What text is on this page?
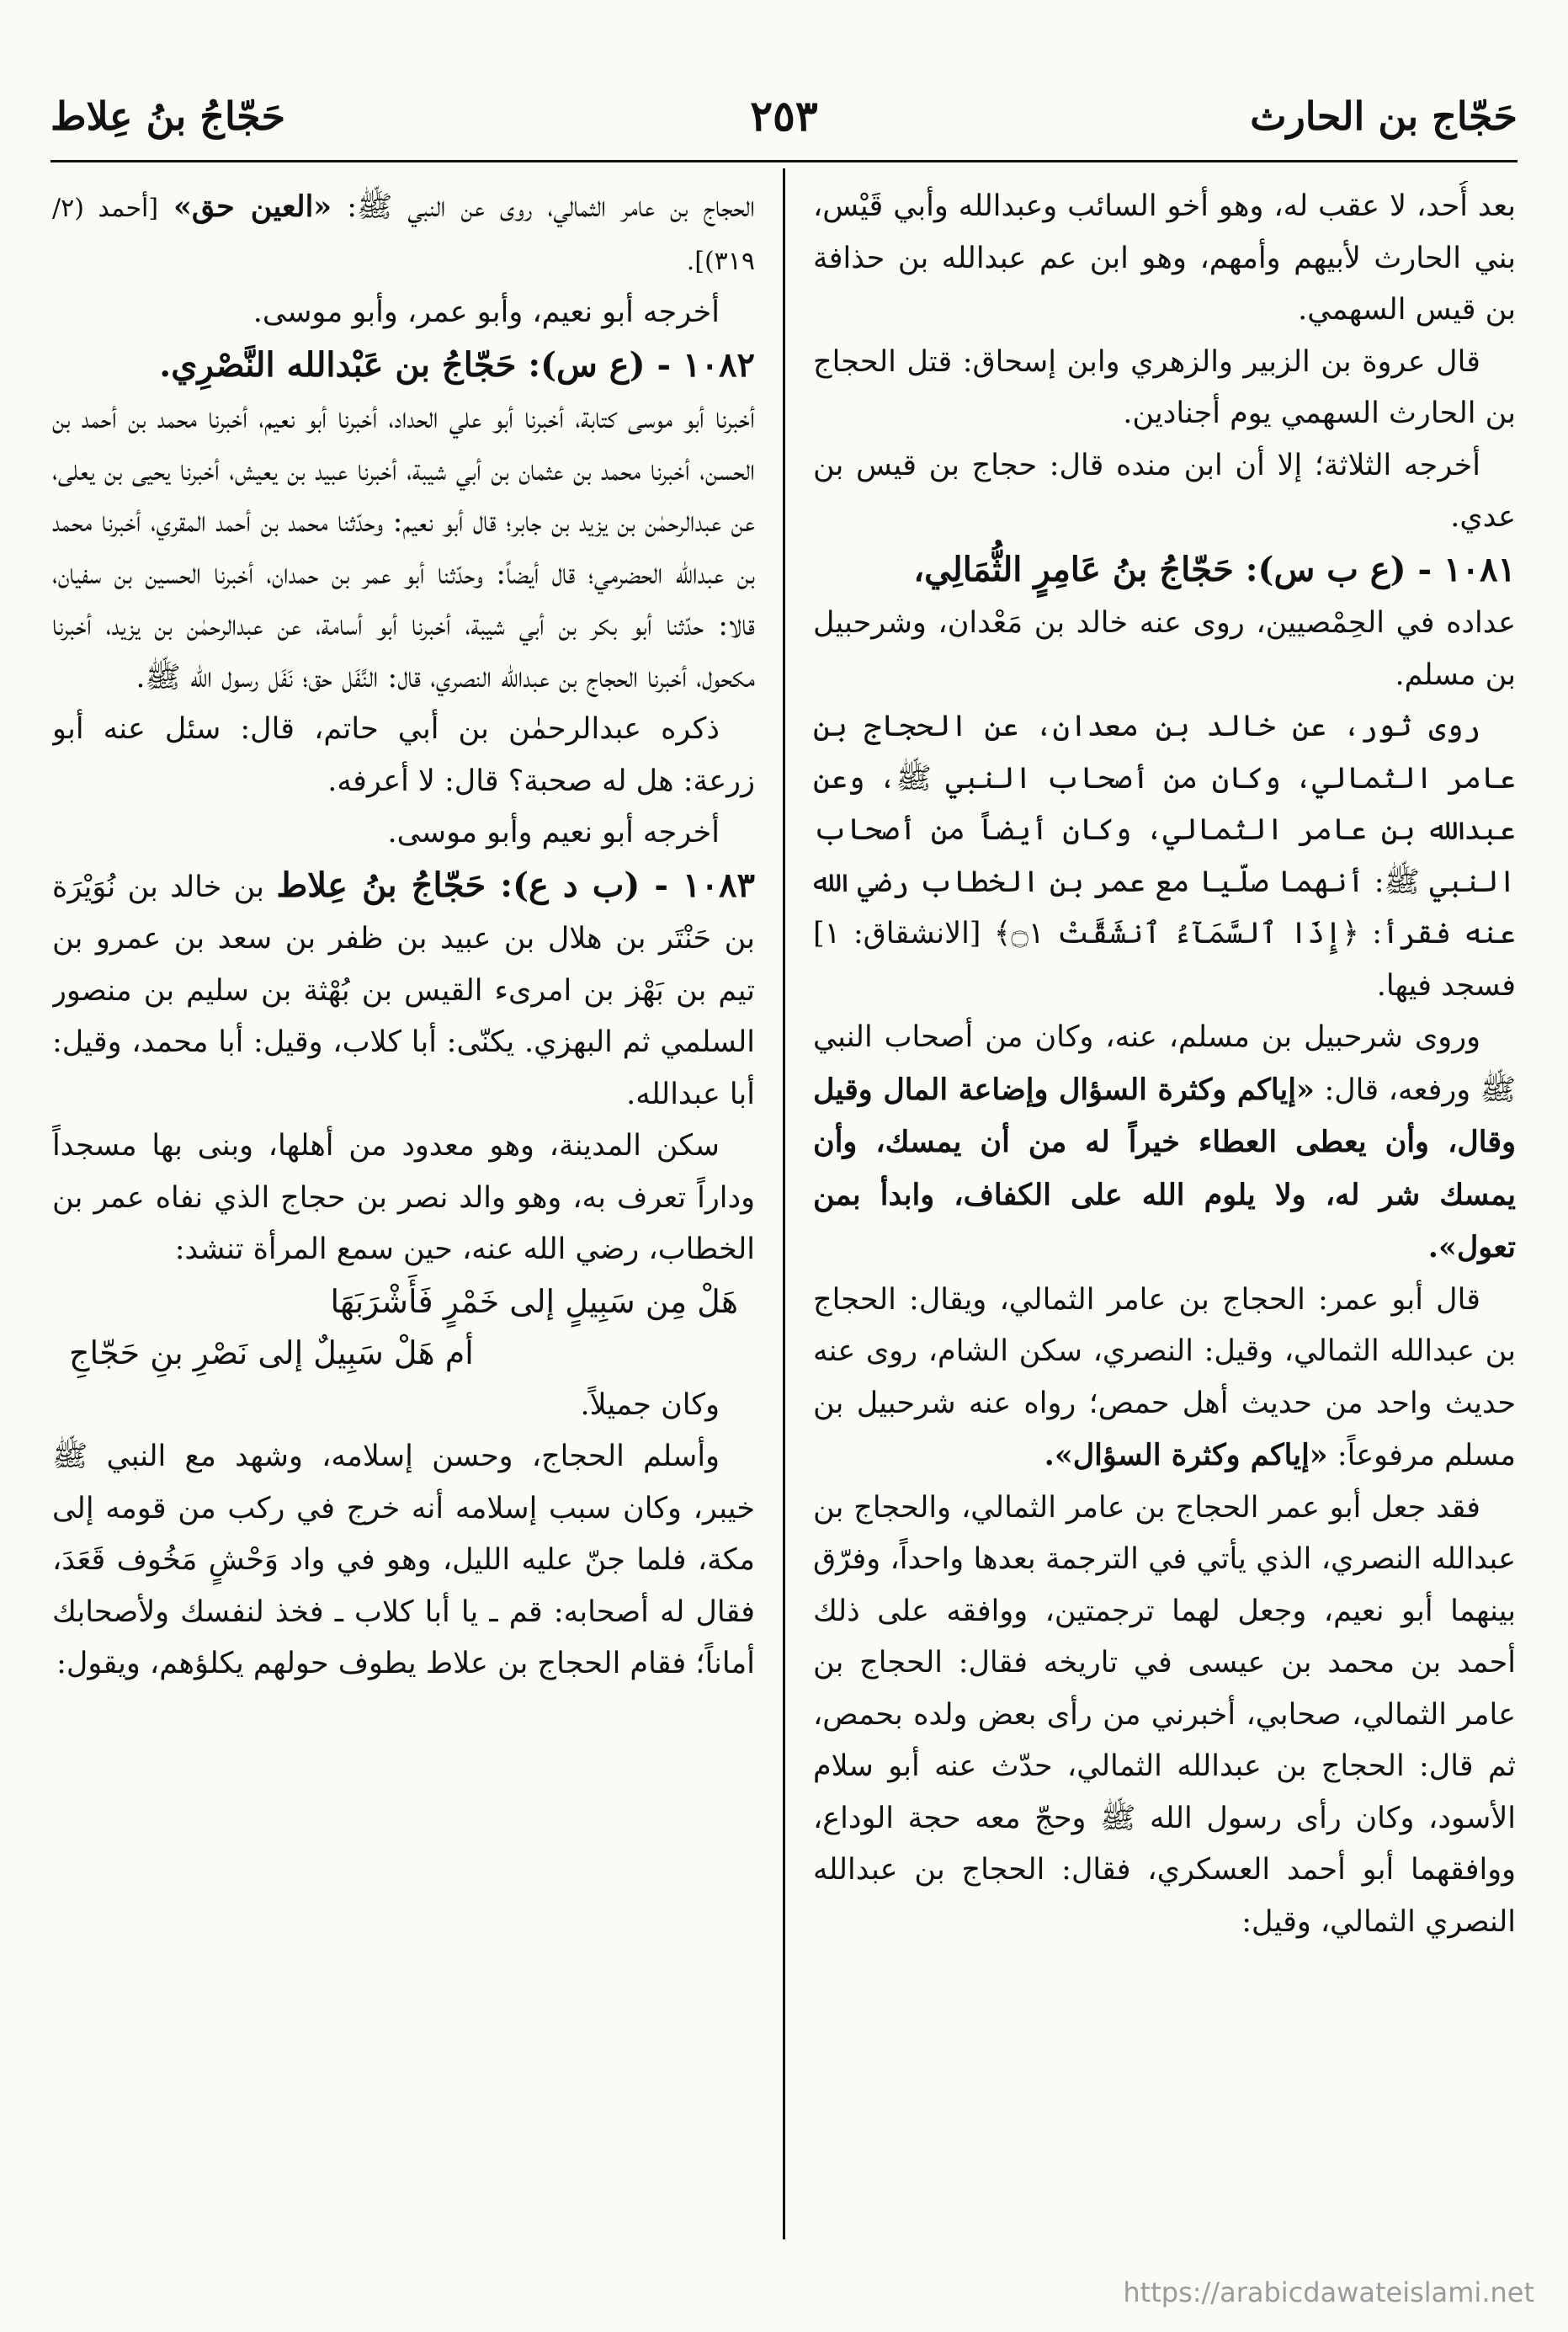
حَجّاج بن الحارث
٢٥٣
حَجّاجُ بنُ عِلاط

بعد أُحد، لا عقب له، وهو أخو السائب وعبدالله وأبي قَيْس، بني الحارث لأبيهم وأمهم، وهو ابن عم عبدالله بن حذافة بن قيس السهمي.

قال عروة بن الزبير والزهري وابن إسحاق: قتل الحجاج بن الحارث السهمي يوم أجنادين.

أخرجه الثلاثة؛ إلا أن ابن منده قال: حجاج بن قيس بن عدي.

١٠٨١ - (ع ب س): حَجّاجُ بنُ عَامِرٍ الثُّمَالِي،

عداده في الحِمْصيين، روى عنه خالد بن مَعْدان، وشرحبيل بن مسلم.

روى ثور، عن خالد بن معدان، عن الحجاج بن عامر الثمالي، وكان من أصحاب النبي ﷺ، وعن عبدالله بن عامر الثمالي، وكان أيضاً من أصحاب النبي ﷺ: أنهما صلّيا مع عمر بن الخطاب رضي الله عنه فقرأ: ﴿إِذَا ٱلسَّمَآءُ ٱنشَقَّتْ ۝١﴾ [الانشقاق: ١] فسجد فيها.

وروى شرحبيل بن مسلم، عنه، وكان من أصحاب النبي ﷺ ورفعه، قال: «إياكم وكثرة السؤال وإضاعة المال وقيل وقال، وأن يعطى العطاء خيراً له من أن يمسك، وأن يمسك شر له، ولا يلوم الله على الكفاف، وابدأ بمن تعول».

قال أبو عمر: الحجاج بن عامر الثمالي، ويقال: الحجاج بن عبدالله الثمالي، وقيل: النصري، سكن الشام، روى عنه حديث واحد من حديث أهل حمص؛ رواه عنه شرحبيل بن مسلم مرفوعاً: «إياكم وكثرة السؤال».

فقد جعل أبو عمر الحجاج بن عامر الثمالي، والحجاج بن عبدالله النصري، الذي يأتي في الترجمة بعدها واحداً، وفرّق بينهما أبو نعيم، وجعل لهما ترجمتين، ووافقه على ذلك أحمد بن محمد بن عيسى في تاريخه فقال: الحجاج بن عامر الثمالي، صحابي، أخبرني من رأى بعض ولده بحمص، ثم قال: الحجاج بن عبدالله الثمالي، حدّث عنه أبو سلام الأسود، وكان رأى رسول الله ﷺ وحجّ معه حجة الوداع، ووافقهما أبو أحمد العسكري، فقال: الحجاج بن عبدالله النصري الثمالي، وقيل:

الحجاج بن عامر الثمالي، روى عن النبي ﷺ: «العين حق» [أحمد (٢/ ٣١٩)].

أخرجه أبو نعيم، وأبو عمر، وأبو موسى.

١٠٨٢ - (ع س): حَجّاجُ بن عَبْدالله النَّصْرِي.

أخبرنا أبو موسى كتابة، أخبرنا أبو علي الحداد، أخبرنا أبو نعيم، أخبرنا محمد بن أحمد بن الحسن، أخبرنا محمد بن عثمان بن أبي شيبة، أخبرنا عبيد بن يعيش، أخبرنا يحيى بن يعلى، عن عبدالرحمٰن بن يزيد بن جابر؛ قال أبو نعيم: وحدّثنا محمد بن أحمد المقري، أخبرنا محمد بن عبدالله الحضرمي؛ قال أيضاً: وحدّثنا أبو عمر بن حمدان، أخبرنا الحسين بن سفيان، قالا: حدّثنا أبو بكر بن أبي شيبة، أخبرنا أبو أسامة، عن عبدالرحمٰن بن يزيد، أخبرنا مكحول، أخبرنا الحجاج بن عبدالله النصري، قال: النَّفَل حق؛ نَفَل رسول الله ﷺ.

ذكره عبدالرحمٰن بن أبي حاتم، قال: سئل عنه أبو زرعة: هل له صحبة؟ قال: لا أعرفه.

أخرجه أبو نعيم وأبو موسى.

١٠٨٣ - (ب د ع): حَجّاجُ بنُ عِلاط بن خالد بن نُوَيْرَة بن حَنْتَر بن هلال بن عبيد بن ظفر بن سعد بن عمرو بن تيم بن بَهْز بن امرىء القيس بن بُهْثة بن سليم بن منصور السلمي ثم البهزي. يكنّى: أبا كلاب، وقيل: أبا محمد، وقيل: أبا عبدالله.

سكن المدينة، وهو معدود من أهلها، وبنى بها مسجداً وداراً تعرف به، وهو والد نصر بن حجاج الذي نفاه عمر بن الخطاب، رضي الله عنه، حين سمع المرأة تنشد:

هَلْ مِن سَبِيلٍ إلى خَمْرٍ فَأَشْرَبَهَا
أم هَلْ سَبِيلٌ إلى نَصْرِ بنِ حَجّاجِ

وكان جميلاً.

وأسلم الحجاج، وحسن إسلامه، وشهد مع النبي ﷺ خيبر، وكان سبب إسلامه أنه خرج في ركب من قومه إلى مكة، فلما جنّ عليه الليل، وهو في واد وَحْشٍ مَخُوف قَعَدَ، فقال له أصحابه: قم ـ يا أبا كلاب ـ فخذ لنفسك ولأصحابك أماناً؛ فقام الحجاج بن علاط يطوف حولهم يكلؤهم، ويقول:

https://arabicdawateislami.net
